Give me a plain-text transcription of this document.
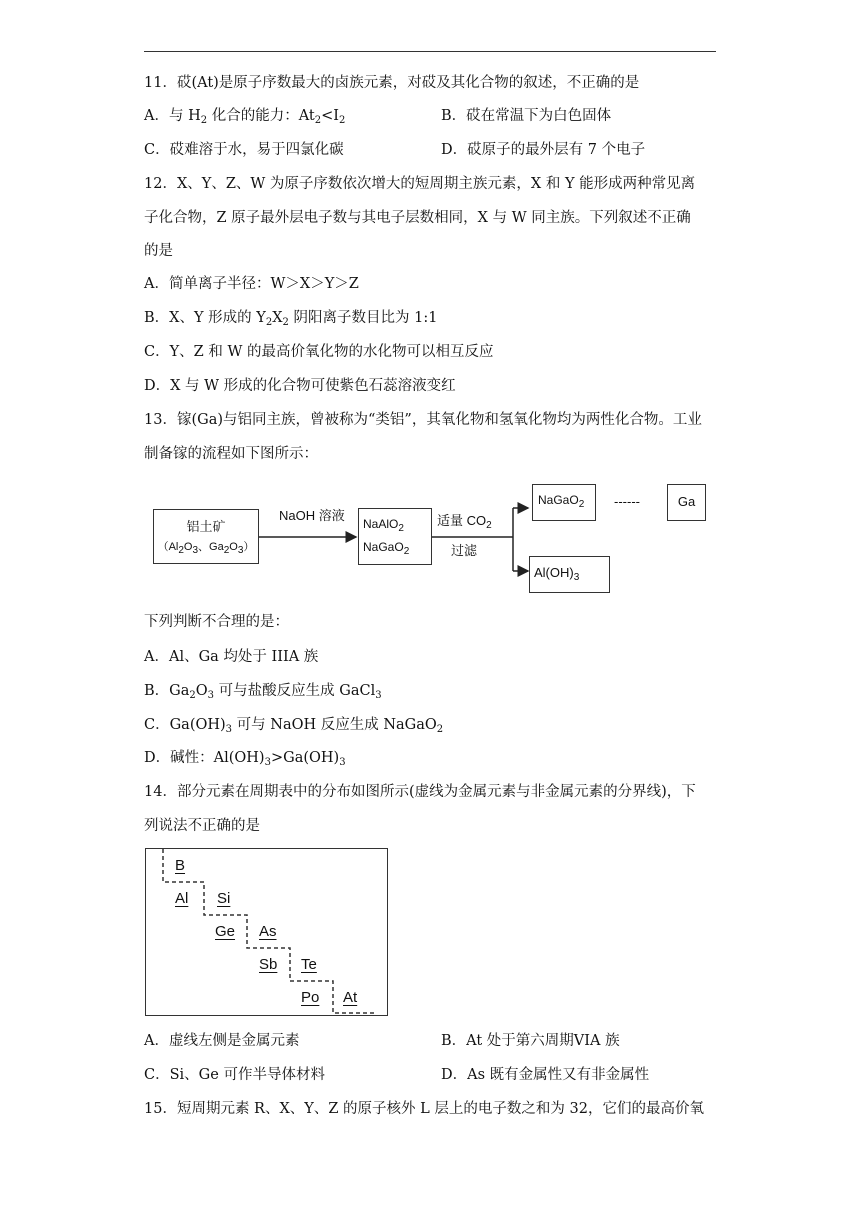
11．砹(At)是原子序数最大的卤族元素，对砹及其化合物的叙述，不正确的是
A．与 $H_2$ 化合的能力：$At_2<I_2$	B．砹在常温下为白色固体
C．砹难溶于水，易于四氯化碳	D．砹原子的最外层有 7 个电子
12．X、Y、Z、W 为原子序数依次增大的短周期主族元素，X 和 Y 能形成两种常见离
子化合物，Z 原子最外层电子数与其电子层数相同，X 与 W 同主族。下列叙述不正确
的是
A．简单离子半径：W＞X＞Y＞Z
B．X、Y 形成的 $Y_2X_2$ 阴阳离子数目比为 1:1
C．Y、Z 和 W 的最高价氧化物的水化物可以相互反应
D．X 与 W 形成的化合物可使紫色石蕊溶液变红
13．镓(Ga)与铝同主族，曾被称为“类铝”，其氧化物和氢氧化物均为两性化合物。工业
制备镓的流程如下图所示：
铝土矿
（$Al_2O_3$、$Ga_2O_3$）
NaOH 溶液
NaAlO$_2$
NaGaO$_2$
适量 $CO_2$
过滤
NaGaO$_2$ ------	Ga
$Al(OH)_3$
下列判断不合理的是：
A．Al、Ga 均处于 IIIA 族
B．$Ga_2O_3$ 可与盐酸反应生成 GaCl$_3$
C．$Ga(OH)_3$ 可与 NaOH 反应生成 NaGaO$_2$
D．碱性：$Al(OH)_3>Ga(OH)_3$
14．部分元素在周期表中的分布如图所示(虚线为金属元素与非金属元素的分界线)，下
列说法不正确的是
B
Al Si
Ge As
Sb Te
Po At
A．虚线左侧是金属元素	B．At 处于第六周期VIA 族
C．Si、Ge 可作半导体材料	D．As 既有金属性又有非金属性
15．短周期元素 R、X、Y、Z 的原子核外 L 层上的电子数之和为 32，它们的最高价氧
